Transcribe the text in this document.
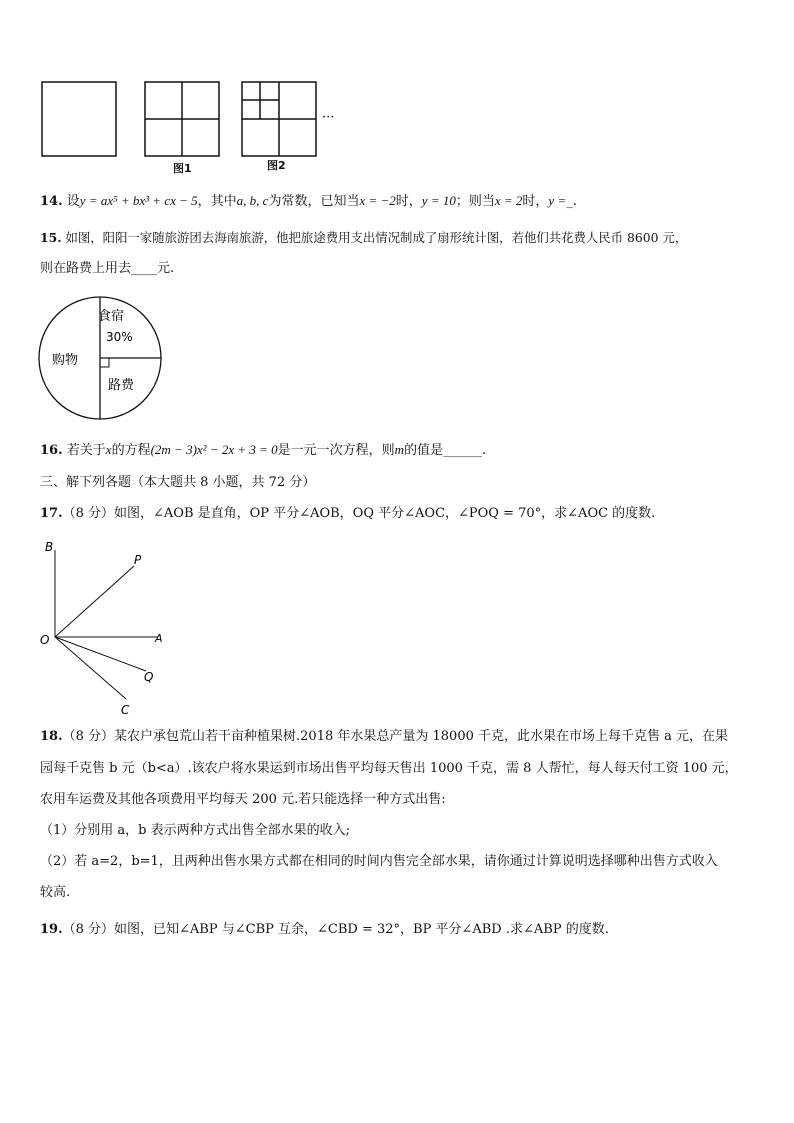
···
图1	图2
14. 设y = ax⁵ + bx³ + cx − 5，其中a, b, c为常数，已知当x = −2时，y = 10；则当x = 2时，y =_.
15. 如图，阳阳一家随旅游团去海南旅游，他把旅途费用支出情况制成了扇形统计图，若他们共花费人民币 8600 元，
则在路费上用去____元.
食宿
30%
购物
路费
16. 若关于x的方程(2m − 3)x² − 2x + 3 = 0是一元一次方程，则m的值是______.
三、解下列各题（本大题共 8 小题，共 72 分）
17.（8 分）如图，∠AOB 是直角，OP 平分∠AOB，OQ 平分∠AOC，∠POQ = 70°，求∠AOC 的度数.
B
P
O	A
Q
C
18.（8 分）某农户承包荒山若干亩种植果树.2018 年水果总产量为 18000 千克，此水果在市场上每千克售 a 元，在果
园每千克售 b 元（b<a）.该农户将水果运到市场出售平均每天售出 1000 千克，需 8 人帮忙，每人每天付工资 100 元，
农用车运费及其他各项费用平均每天 200 元.若只能选择一种方式出售:
（1）分别用 a，b 表示两种方式出售全部水果的收入;
（2）若 a=2，b=1，且两种出售水果方式都在相同的时间内售完全部水果，请你通过计算说明选择哪种出售方式收入
较高.
19.（8 分）如图，已知∠ABP 与∠CBP 互余，∠CBD = 32°，BP 平分∠ABD .求∠ABP 的度数.
